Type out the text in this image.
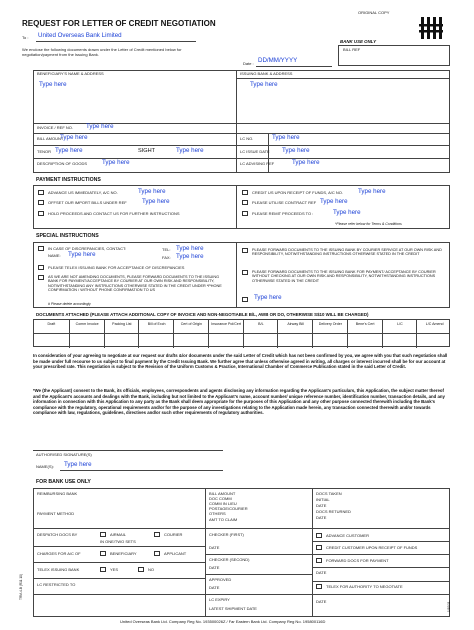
ORIGINAL COPY
REQUEST FOR LETTER OF CREDIT NEGOTIATION
To : United Overseas Bank Limited
We enclose the following documents drawn under the Letter of Credit mentioned below for negotiation/payment from the Issuing Bank.
Date : DD/MM/YYYY
BANK USE ONLY
BILL REF
BENEFICIARY'S NAME & ADDRESS
Type here
ISSUING BANK & ADDRESS
Type here
INVOICE / REF NO. Type here
BILL AMOUNT
Type here	LC NO.	Type here
TENOR Type here	SIGHT	Type here	LC ISSUE DATE Type here
DESCRIPTION OF GOODS Type here	LC ADVISING REF	Type here
PAYMENT INSTRUCTIONS
ADVANCE US IMMEDIATELY, A/C NO.	Type here
OFFSET OUR IMPORT BILLS UNDER REF Type here
HOLD PROCEEDS AND CONTACT US FOR FURTHER INSTRUCTIONS
CREDIT US UPON RECEIPT OF FUNDS, A/C NO. Type here
PLEASE UTILISE CONTRACT REF Type here
PLEASE REMIT PROCEEDS TO :	Type here
*Please refer below for Terms & Conditions
SPECIAL INSTRUCTIONS
IN CASE OF DISCREPANCIES, CONTACT:
NAME: Type here
TEL: Type here
FAX: Type here
PLEASE TELEX ISSUING BANK FOR ACCEPTANCE OF DISCREPANCIES
AS WE ARE NOT AMENDING DOCUMENTS, PLEASE FORWARD DOCUMENTS TO THE ISSUING BANK FOR PAYMENT/ACCEPTANCE BY COURIER AT OUR OWN RISK AND RESPONSIBILITY, NOTWITHSTANDING ANY INSTRUCTIONS OTHERWISE STATED IN THE CREDIT UNDER *PHONE CONFIRMATION / WITHOUT PHONE CONFIRMATION TO US
# Please delete accordingly
PLEASE FORWARD DOCUMENTS TO THE ISSUING BANK BY COURIER SERVICE AT OUR OWN RISK AND RESPONSIBILITY, NOTWITHSTANDING INSTRUCTIONS OTHERWISE STATED IN THE CREDIT
PLEASE FORWARD DOCUMENTS TO THE ISSUING BANK FOR PAYMENT/ ACCEPTANCE BY COURIER WITHOUT CHECKING AT OUR OWN RISK AND RESPONSIBILITY, NOTWITHSTANDING INSTRUCTIONS OTHERWISE STATED IN THE CREDIT
Type here
DOCUMENTS ATTACHED (PLEASE ATTACH ADDITIONAL COPY OF INVOICE AND NON-NEGOTIABLE B/L, AWB OR DO, OTHERWISE S$10 WILL BE CHARGED)
Draft	Comm Invoice	Packing List	Bill of Exch	Cert of Origin	Insurance Pol/Cert	B/L	Airway Bill	Delivery Order	Bene's Cert	L/C	L/C Amend
In consideration of your agreeing to negotiate at our request our drafts &/or documents under the said Letter of Credit which has not been confirmed by you, we agree with you that such negotiation shall be made under full recourse to us subject to final payment by the Credit Issuing Bank. We further agree that unless otherwise agreed in writing, all charges or interest incurred shall be for our account at your prescribed rate. This negotiation is subject to the Revision of the Uniform Customs & Practice, International Chamber of Commerce Publication stated in the said Letter of Credit.
*We (the Applicant) consent to the Bank, its officials, employees, correspondents and agents disclosing any information regarding the Applicant's particulars, this Application, the subject matter thereof and the Applicant's accounts and dealings with the Bank, including but not limited to the Applicant's name, account number/ unique reference number, identification number, transaction details, and any information in connection with this Application to any party as the Bank shall deem appropriate for the purposes of this Application and any other purpose connected therewith including the Bank's compliance with the regulatory, operational requirements and/or for the purpose of any investigations relating to the Application made herein, any transaction connected therewith and/or towards compliance with law, regulations, guidelines, directives and/or such other requirements of regulatory authorities.
AUTHORISED SIGNATURE(S)
NAME(S): Type here
FOR BANK USE ONLY
REIMBURSING BANK
PAYMENT METHOD
BILL AMOUNT
DOC COMM
COMM IN LIEU
POSTAGE/COURIER
OTHERS
AMT TO CLAIM
DOCS TAKEN
INITIAL
DATE
DOCS RETURNED
DATE
DESPATCH DOCS BY	AIRMAIL	COURIER
IN ONE/TWO SETS
CHARGES FOR A/C OF	BENEFICIARY	APPLICANT
TELEX ISSUING BANK	YES	NO
LC RESTRICTED TO
CHECKER (FIRST)
DATE
CHECKER (SECOND)
DATE
APPROVED
DATE
LC EXPIRY
LATEST SHIPMENT DATE
ADVANCE CUSTOMER
CREDIT CUSTOMER UPON RECEIPT OF FUNDS
FORWARD DOCS FOR PAYMENT
DATE
TELEX FOR AUTHORITY TO NEGOTIATE
DATE
TRM-4-B (R11 10)
1/10/11
United Overseas Bank Ltd. Company Reg No. 193500026Z / Far Eastern Bank Ltd. Company Reg No. 195800116D
